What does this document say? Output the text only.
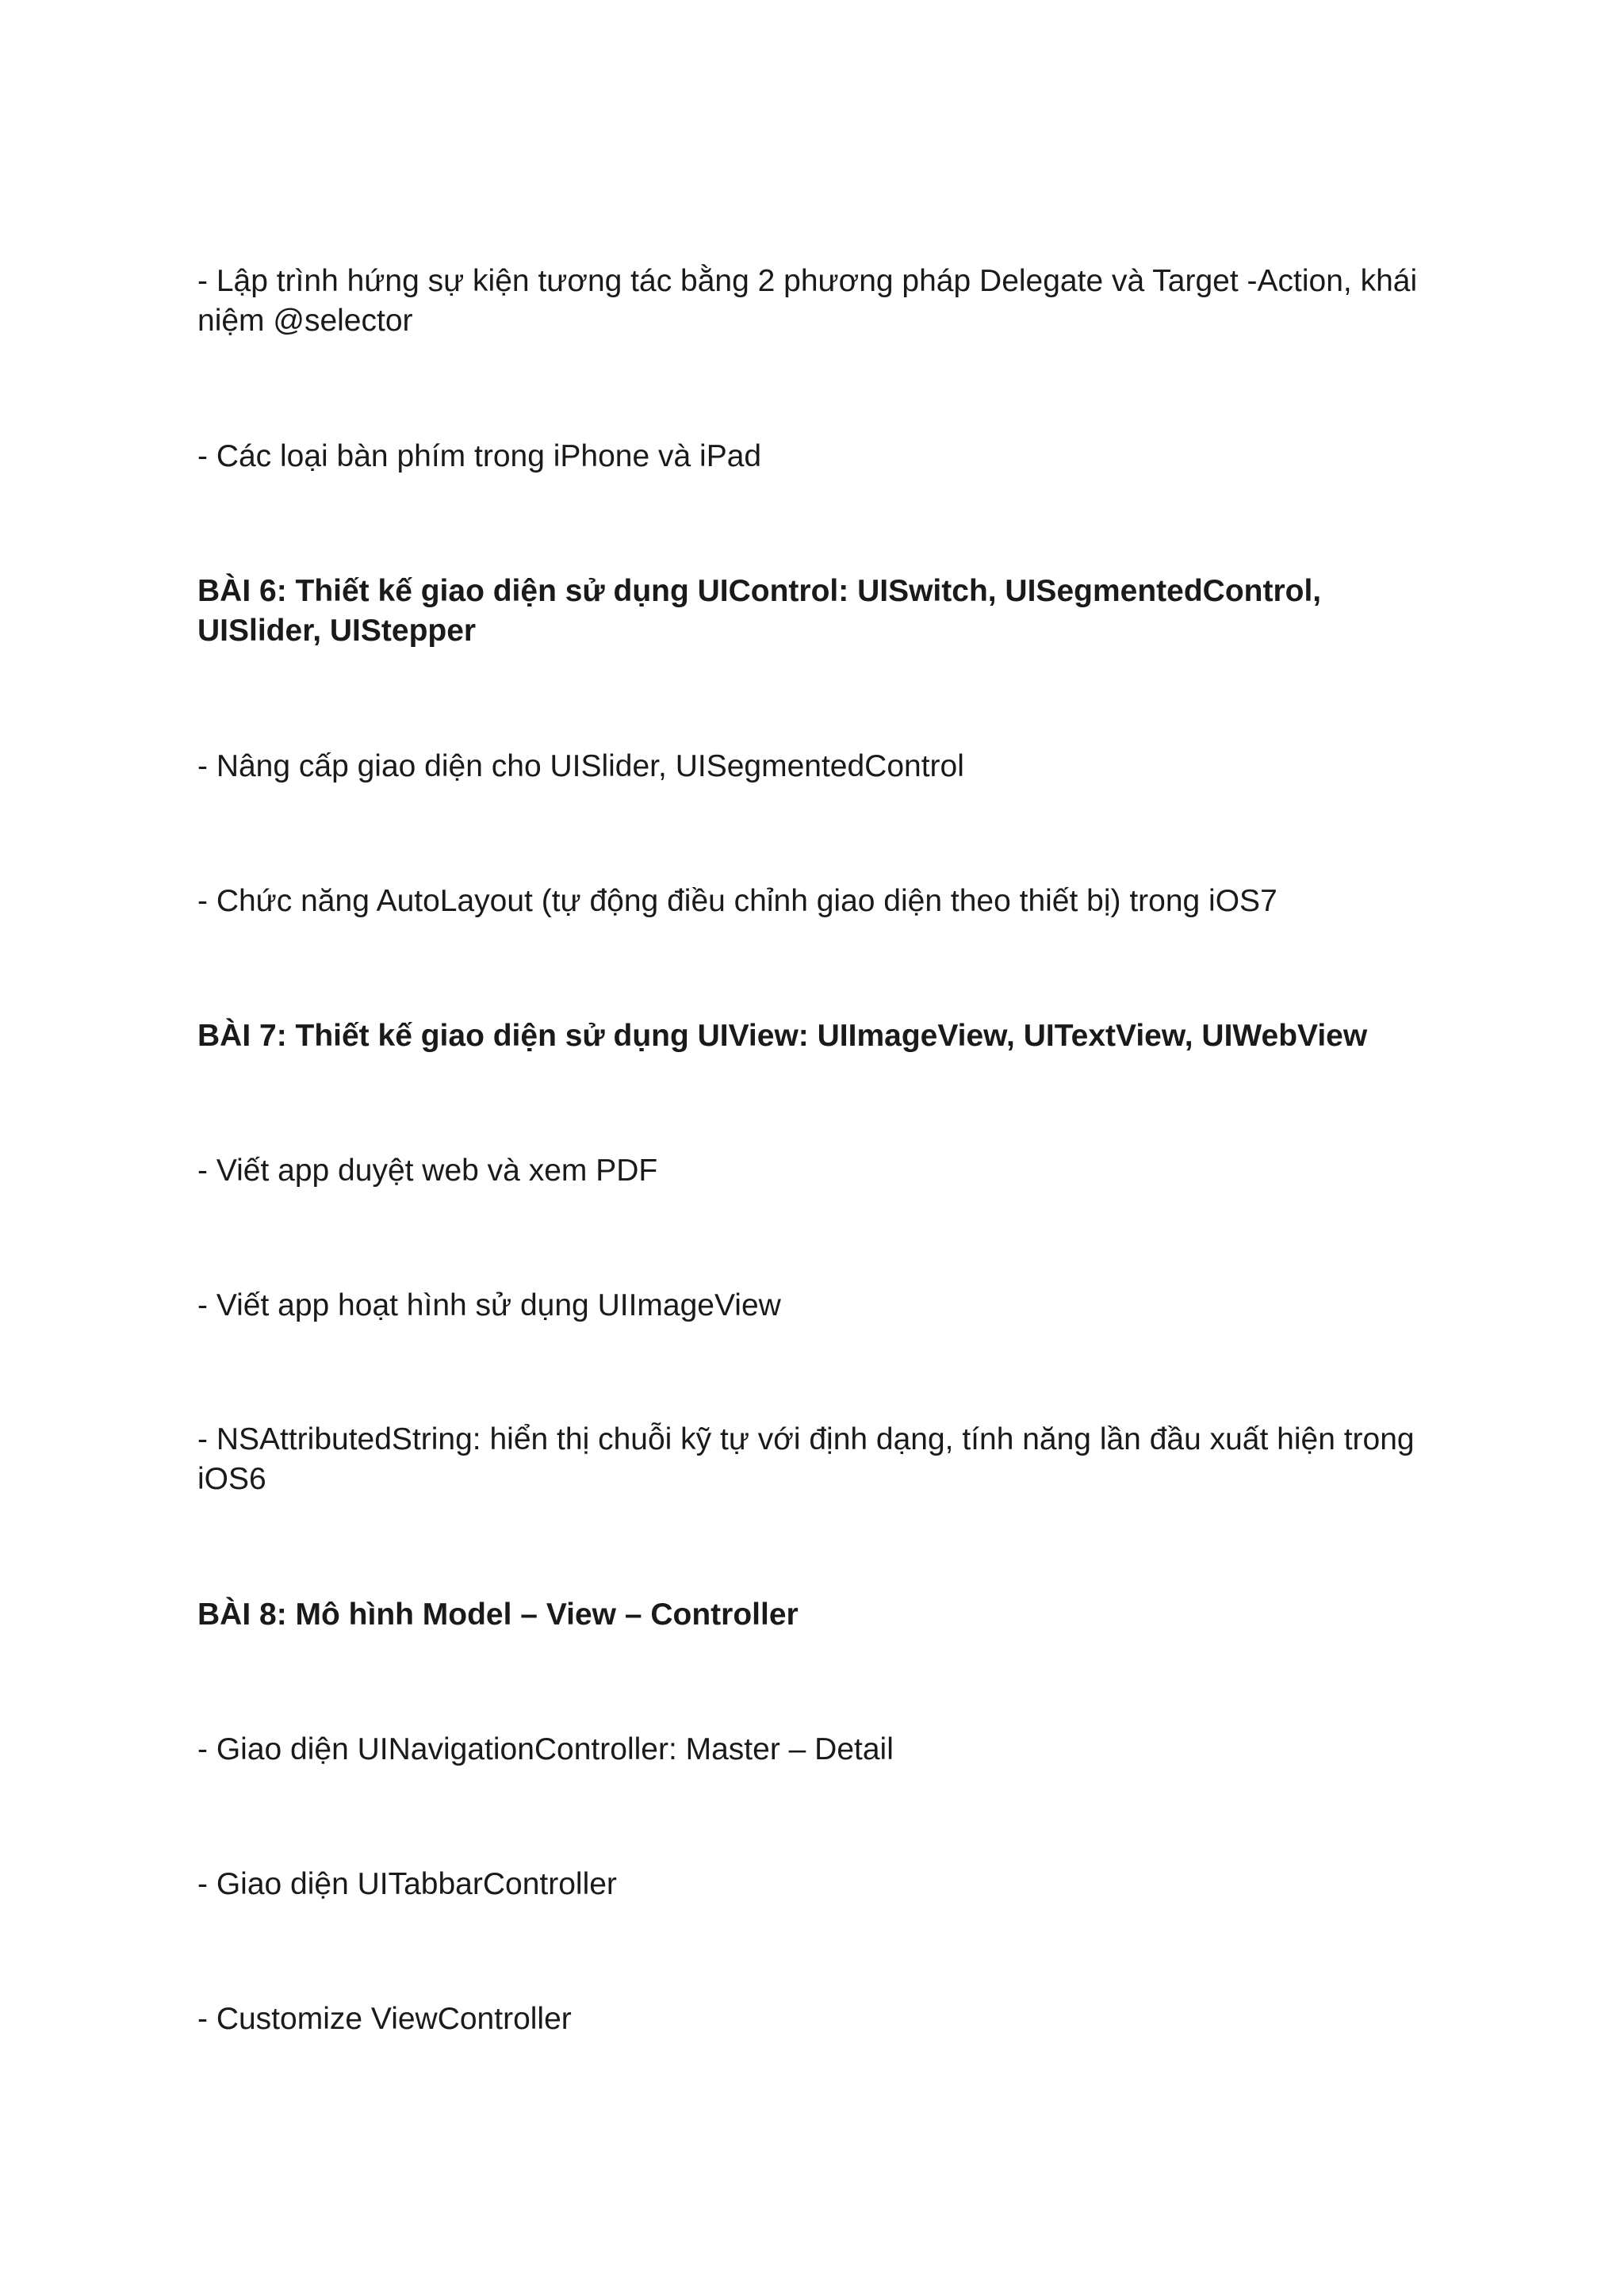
- Lập trình hứng sự kiện tương tác bằng 2 phương pháp Delegate và Target -Action, khái niệm @selector

- Các loại bàn phím trong iPhone và iPad

BÀI 6: Thiết kế giao diện sử dụng UIControl: UISwitch, UISegmentedControl, UISlider, UIStepper

- Nâng cấp giao diện cho UISlider, UISegmentedControl

- Chức năng AutoLayout (tự động điều chỉnh giao diện theo thiết bị) trong iOS7

BÀI 7: Thiết kế giao diện sử dụng UIView: UIImageView, UITextView, UIWebView

- Viết app duyệt web và xem PDF

- Viết app hoạt hình sử dụng UIImageView

- NSAttributedString: hiển thị chuỗi kỹ tự với định dạng, tính năng lần đầu xuất hiện trong iOS6

BÀI 8: Mô hình Model – View – Controller

- Giao diện UINavigationController: Master – Detail

- Giao diện UITabbarController

- Customize ViewController
